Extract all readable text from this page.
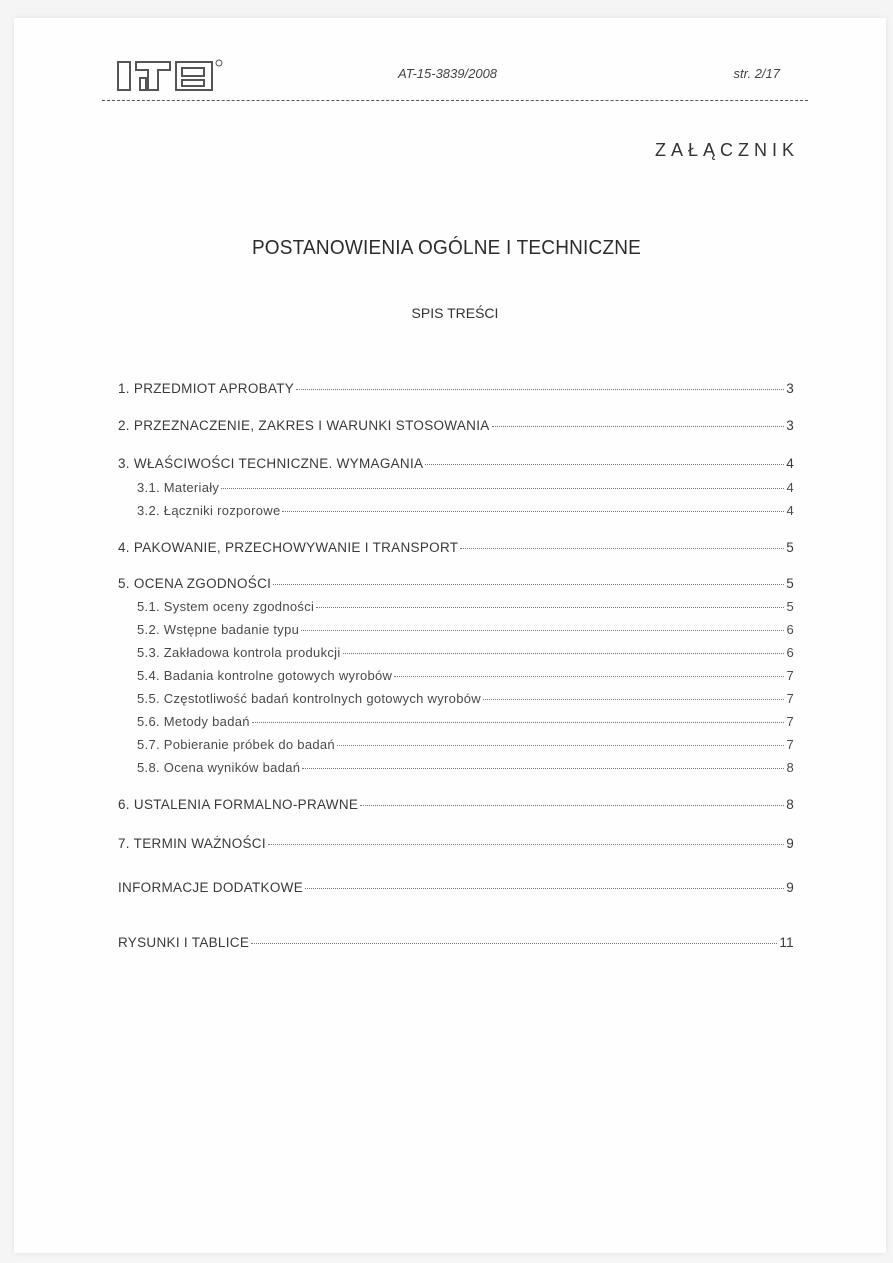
AT-15-3839/2008	str. 2/17
ZAŁĄCZNIK
POSTANOWIENIA OGÓLNE I TECHNICZNE
SPIS TREŚCI
1. PRZEDMIOT APROBATY	3
2. PRZEZNACZENIE, ZAKRES I WARUNKI STOSOWANIA	3
3. WŁAŚCIWOŚCI TECHNICZNE. WYMAGANIA	4
3.1. Materiały	4
3.2. Łączniki rozporowe	4
4. PAKOWANIE, PRZECHOWYWANIE I TRANSPORT	5
5. OCENA ZGODNOŚCI	5
5.1. System oceny zgodności	5
5.2. Wstępne badanie typu	6
5.3. Zakładowa kontrola produkcji	6
5.4. Badania kontrolne gotowych wyrobów	7
5.5. Częstotliwość badań kontrolnych gotowych wyrobów	7
5.6. Metody badań	7
5.7. Pobieranie próbek do badań	7
5.8. Ocena wyników badań	8
6. USTALENIA FORMALNO-PRAWNE	8
7. TERMIN WAŻNOŚCI	9
INFORMACJE DODATKOWE	9
RYSUNKI I TABLICE	11
